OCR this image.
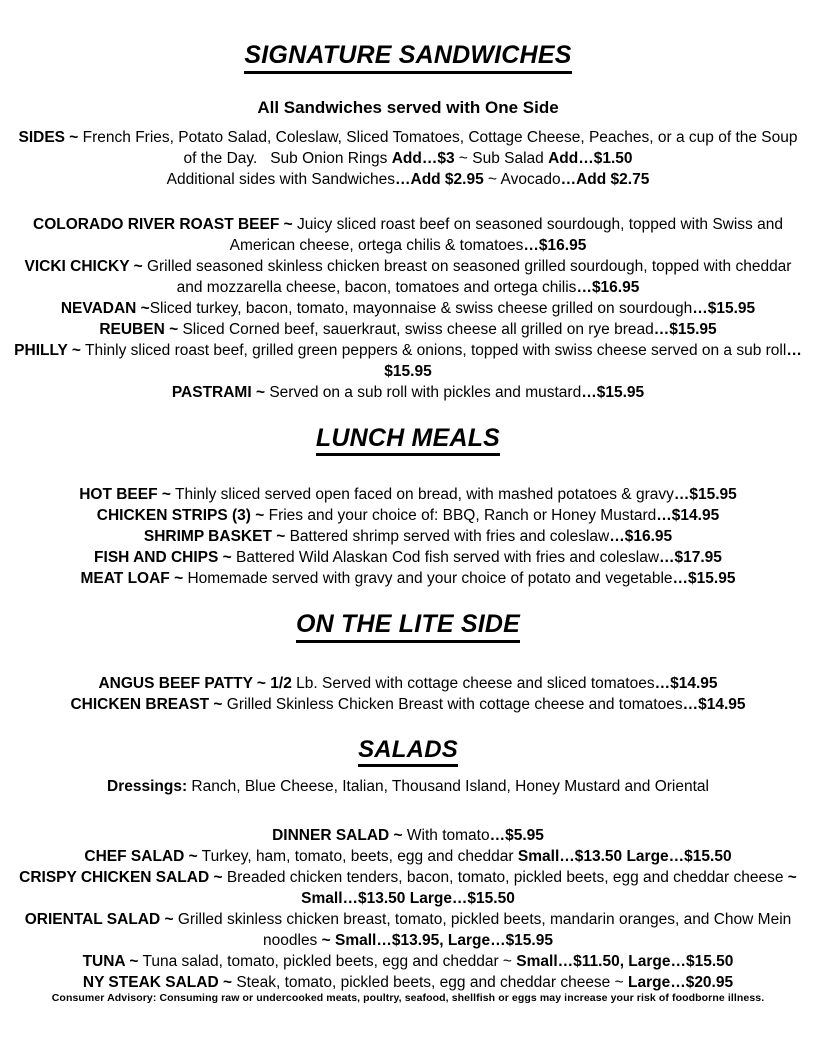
SIGNATURE SANDWICHES
All Sandwiches served with One Side
SIDES ~ French Fries, Potato Salad, Coleslaw, Sliced Tomatoes, Cottage Cheese, Peaches, or a cup of the Soup of the Day.   Sub Onion Rings Add…$3 ~ Sub Salad Add…$1.50
Additional sides with Sandwiches…Add $2.95 ~ Avocado…Add $2.75
COLORADO RIVER ROAST BEEF ~ Juicy sliced roast beef on seasoned sourdough, topped with Swiss and American cheese, ortega chilis & tomatoes…$16.95
VICKI CHICKY ~ Grilled seasoned skinless chicken breast on seasoned grilled sourdough, topped with cheddar and mozzarella cheese, bacon, tomatoes and ortega chilis…$16.95
NEVADAN ~Sliced turkey, bacon, tomato, mayonnaise & swiss cheese grilled on sourdough…$15.95
REUBEN ~ Sliced Corned beef, sauerkraut, swiss cheese all grilled on rye bread…$15.95
PHILLY ~ Thinly sliced roast beef, grilled green peppers & onions, topped with swiss cheese served on a sub roll…$15.95
PASTRAMI ~ Served on a sub roll with pickles and mustard…$15.95
LUNCH MEALS
HOT BEEF ~ Thinly sliced served open faced on bread, with mashed potatoes & gravy…$15.95
CHICKEN STRIPS (3) ~ Fries and your choice of: BBQ, Ranch or Honey Mustard…$14.95
SHRIMP BASKET ~ Battered shrimp served with fries and coleslaw…$16.95
FISH AND CHIPS ~ Battered Wild Alaskan Cod fish served with fries and coleslaw…$17.95
MEAT LOAF ~ Homemade served with gravy and your choice of potato and vegetable…$15.95
ON THE LITE SIDE
ANGUS BEEF PATTY ~ 1/2 Lb. Served with cottage cheese and sliced tomatoes…$14.95
CHICKEN BREAST ~ Grilled Skinless Chicken Breast with cottage cheese and tomatoes…$14.95
SALADS
Dressings: Ranch, Blue Cheese, Italian, Thousand Island, Honey Mustard and Oriental
DINNER SALAD ~ With tomato…$5.95
CHEF SALAD ~ Turkey, ham, tomato, beets, egg and cheddar Small…$13.50 Large…$15.50
CRISPY CHICKEN SALAD ~ Breaded chicken tenders, bacon, tomato, pickled beets, egg and cheddar cheese ~ Small…$13.50 Large…$15.50
ORIENTAL SALAD ~ Grilled skinless chicken breast, tomato, pickled beets, mandarin oranges, and Chow Mein noodles ~ Small…$13.95, Large…$15.95
TUNA ~ Tuna salad, tomato, pickled beets, egg and cheddar ~ Small…$11.50, Large…$15.50
NY STEAK SALAD ~ Steak, tomato, pickled beets, egg and cheddar cheese ~ Large…$20.95
Consumer Advisory: Consuming raw or undercooked meats, poultry, seafood, shellfish or eggs may increase your risk of foodborne illness.
